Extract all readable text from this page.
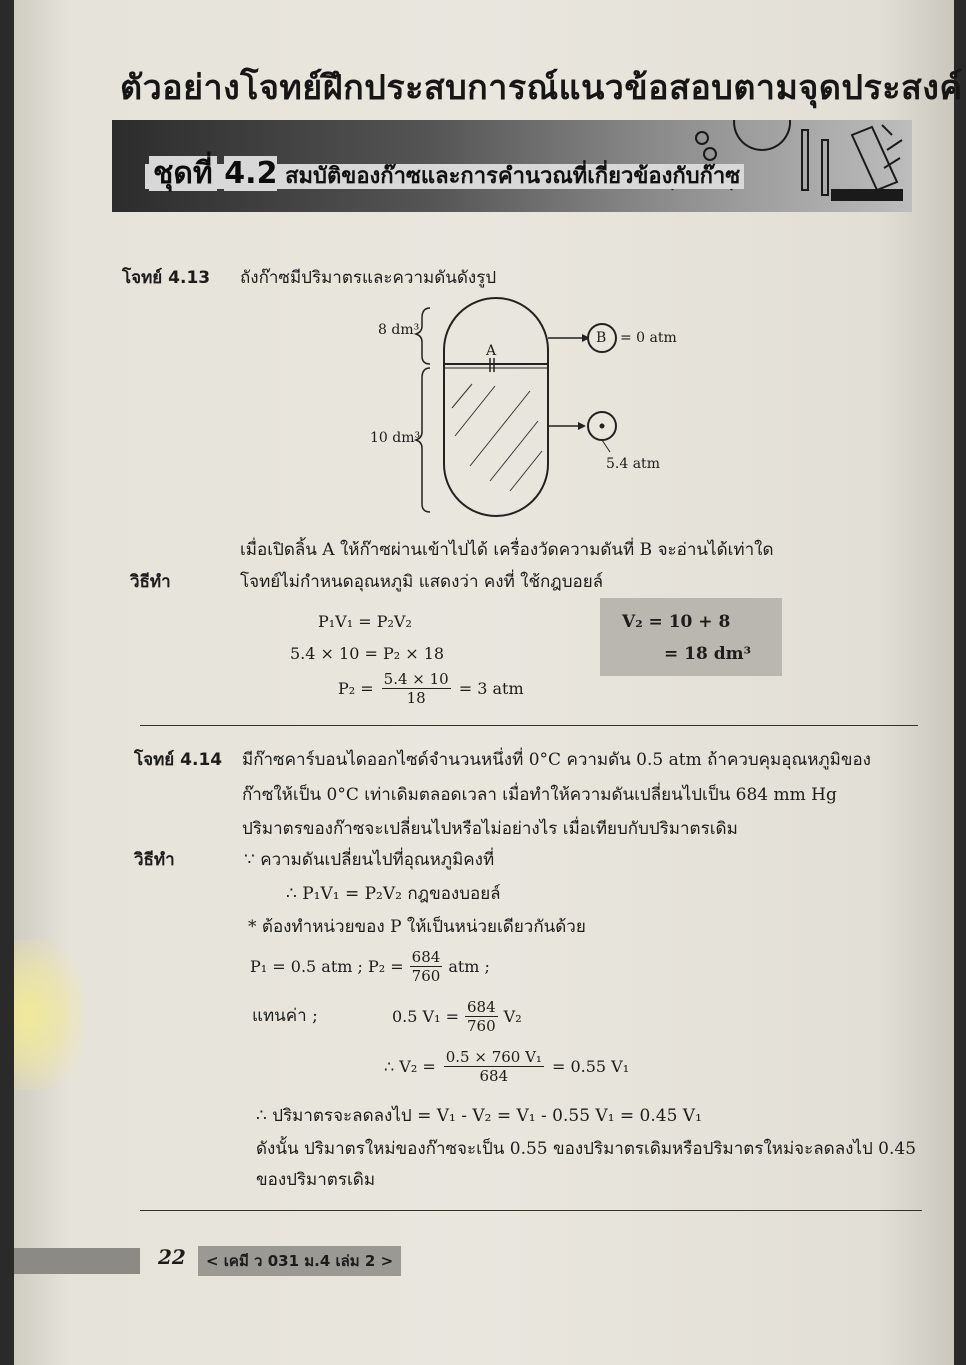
ตัวอย่างโจทย์ฝึกประสบการณ์แนวข้อสอบตามจุดประสงค์
ชุดที่ 4.2 สมบัติของก๊าซและการคำนวณที่เกี่ยวข้องกับก๊าซ
โจทย์ 4.13 ถังก๊าซมีปริมาตรและความดันดังรูป
8 dm³
10 dm³
A
B = 0 atm
5.4 atm
เมื่อเปิดลิ้น A ให้ก๊าซผ่านเข้าไปได้ เครื่องวัดความดันที่ B จะอ่านได้เท่าใด
วิธีทำ	โจทย์ไม่กำหนดอุณหภูมิ แสดงว่า คงที่ ใช้กฎบอยล์
P₁V₁ = P₂V₂
5.4 × 10 = P₂ × 18
$P_2 = \frac{5.4 \times 10}{18} = 3$ atm
V₂ = 10 + 8
= 18 dm³
โจทย์ 4.14 มีก๊าซคาร์บอนไดออกไซด์จำนวนหนึ่งที่ 0°C ความดัน 0.5 atm ถ้าควบคุมอุณหภูมิของ
ก๊าซให้เป็น 0°C เท่าเดิมตลอดเวลา เมื่อทำให้ความดันเปลี่ยนไปเป็น 684 mm Hg
ปริมาตรของก๊าซจะเปลี่ยนไปหรือไม่อย่างไร เมื่อเทียบกับปริมาตรเดิม
วิธีทำ	∵ ความดันเปลี่ยนไปที่อุณหภูมิคงที่
∴ P₁V₁ = P₂V₂ กฎของบอยล์
* ต้องทำหน่วยของ P ให้เป็นหน่วยเดียวกันด้วย
P₁ = 0.5 atm ; $P_2 = \frac{684}{760}$ atm ;
แทนค่า ;	0.5 $V_1 = \frac{684}{760} V_2$
∴ $V_2 = \frac{\text{0.5 × 760 V₁}}{684} = 0.55$ V₁
∴ ปริมาตรจะลดลงไป = V₁ - V₂ = V₁ - 0.55 V₁ = 0.45 V₁
ดังนั้น ปริมาตรใหม่ของก๊าซจะเป็น 0.55 ของปริมาตรเดิมหรือปริมาตรใหม่จะลดลงไป 0.45
ของปริมาตรเดิม
22	< เคมี ว 031 ม.4 เล่ม 2 >
